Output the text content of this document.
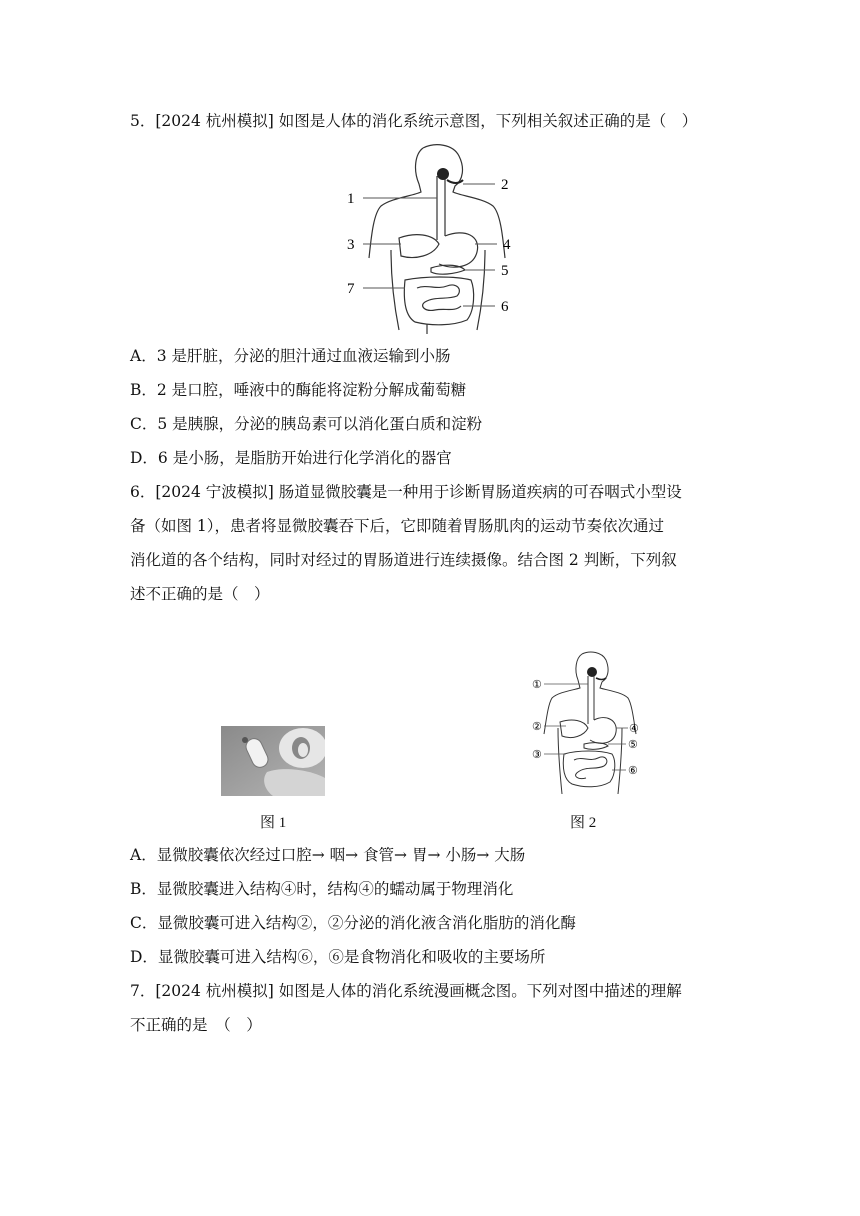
5．[2024 杭州模拟] 如图是人体的消化系统示意图，下列相关叙述正确的是（　）
1
2
3	4
5
7
6
A．3 是肝脏，分泌的胆汁通过血液运输到小肠
B．2 是口腔，唾液中的酶能将淀粉分解成葡萄糖
C．5 是胰腺，分泌的胰岛素可以消化蛋白质和淀粉
D．6 是小肠，是脂肪开始进行化学消化的器官
6．[2024 宁波模拟] 肠道显微胶囊是一种用于诊断胃肠道疾病的可吞咽式小型设
备（如图 1），患者将显微胶囊吞下后，它即随着胃肠肌肉的运动节奏依次通过
消化道的各个结构，同时对经过的胃肠道进行连续摄像。结合图 2 判断，下列叙
述不正确的是（　）
①
②
③
④
⑤
⑥
图 1	图 2
A．显微胶囊依次经过口腔→ 咽→ 食管→ 胃→ 小肠→ 大肠
B．显微胶囊进入结构④时，结构④的蠕动属于物理消化
C．显微胶囊可进入结构②，②分泌的消化液含消化脂肪的消化酶
D．显微胶囊可进入结构⑥，⑥是食物消化和吸收的主要场所
7．[2024 杭州模拟] 如图是人体的消化系统漫画概念图。下列对图中描述的理解
不正确的是　（　）
